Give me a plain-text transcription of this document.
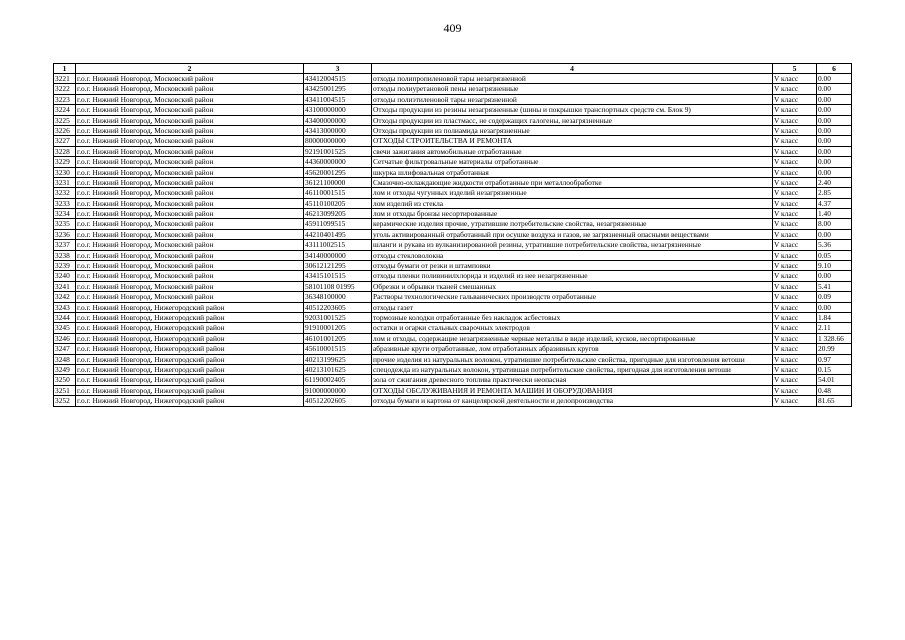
409
1	2	3	4	5	6
3221	г.о.г. Нижний Новгород, Московский район	43412004515	отходы полипропиленовой тары незагрязненной	V класс	0.00
3222	г.о.г. Нижний Новгород, Московский район	43425001295	отходы полиуретановой пены незагрязненные	V класс	0.00
3223	г.о.г. Нижний Новгород, Московский район	43411004515	отходы полиэтиленовой тары незагрязненной	V класс	0.00
3224	г.о.г. Нижний Новгород, Московский район	43100000000	Отходы продукции из резины незагрязненные (шины и покрышки транспортных средств см. Блок 9)	V класс	0.00
3225	г.о.г. Нижний Новгород, Московский район	43400000000	Отходы продукции из пластмасс, не содержащих галогены, незагрязненные	V класс	0.00
3226	г.о.г. Нижний Новгород, Московский район	43413000000	Отходы продукции из полиамида незагрязненные	V класс	0.00
3227	г.о.г. Нижний Новгород, Московский район	80000000000	ОТХОДЫ СТРОИТЕЛЬСТВА И РЕМОНТА	V класс	0.00
3228	г.о.г. Нижний Новгород, Московский район	92191001525	свечи зажигания автомобильные отработанные	V класс	0.00
3229	г.о.г. Нижний Новгород, Московский район	44360000000	Сетчатые фильтровальные материалы отработанные	V класс	0.00
3230	г.о.г. Нижний Новгород, Московский район	45620001295	шкурка шлифовальная отработанная	V класс	0.00
3231	г.о.г. Нижний Новгород, Московский район	36121100000	Смазочно-охлаждающие жидкости отработанные при металлообработке	V класс	2.40
3232	г.о.г. Нижний Новгород, Московский район	46110001515	лом и отходы чугунных изделий незагрязненные	V класс	2.85
3233	г.о.г. Нижний Новгород, Московский район	45110100205	лом изделий из стекла	V класс	4.37
3234	г.о.г. Нижний Новгород, Московский район	46213099205	лом и отходы бронзы несортированные	V класс	1.40
3235	г.о.г. Нижний Новгород, Московский район	45911099515	керамические изделия прочие, утратившие потребительские свойства, незагрязненные	V класс	8.00
3236	г.о.г. Нижний Новгород, Московский район	44210401495	уголь активированный отработанный при осушке воздуха и газов, не загрязненный опасными веществами	V класс	0.00
3237	г.о.г. Нижний Новгород, Московский район	43111002515	шланги и рукава из вулканизированной резины, утратившие потребительские свойства, незагрязненные	V класс	5.36
3238	г.о.г. Нижний Новгород, Московский район	34140000000	отходы стекловолокна	V класс	0.05
3239	г.о.г. Нижний Новгород, Московский район	30612121295	отходы бумаги от резки и штамповки	V класс	9.10
3240	г.о.г. Нижний Новгород, Московский район	43415101515	отходы пленки поливинилхлорида и изделий из нее незагрязненные	V класс	0.00
3241	г.о.г. Нижний Новгород, Московский район	58101108 01995	Обрезки и обрывки тканей смешанных	V класс	5.41
3242	г.о.г. Нижний Новгород, Московский район	36348100000	Растворы технологические гальванических производств отработанные	V класс	0.09
3243	г.о.г. Нижний Новгород, Нижегородский район	40512203605	отходы газет	V класс	0.00
3244	г.о.г. Нижний Новгород, Нижегородский район	92031001525	тормозные колодки отработанные без накладок асбестовых	V класс	1.84
3245	г.о.г. Нижний Новгород, Нижегородский район	91910001205	остатки и огарки стальных сварочных электродов	V класс	2.11
3246	г.о.г. Нижний Новгород, Нижегородский район	46101001205	лом и отходы, содержащие незагрязненные черные металлы в виде изделий, кусков, несортированные	V класс	1 328.66
3247	г.о.г. Нижний Новгород, Нижегородский район	45610001515	абразивные круги отработанные, лом отработанных абразивных кругов	V класс	20.99
3248	г.о.г. Нижний Новгород, Нижегородский район	40213199625	прочие изделия из натуральных волокон, утратившие потребительские свойства, пригодные для изготовления ветоши	V класс	0.97
3249	г.о.г. Нижний Новгород, Нижегородский район	40213101625	спецодежда из натуральных волокон, утратившая потребительские свойства, пригодная для изготовления ветоши	V класс	0.15
3250	г.о.г. Нижний Новгород, Нижегородский район	61190002405	зола от сжигания древесного топлива практически неопасная	V класс	54.01
3251	г.о.г. Нижний Новгород, Нижегородский район	91000000000	ОТХОДЫ ОБСЛУЖИВАНИЯ И РЕМОНТА МАШИН И ОБОРУДОВАНИЯ	V класс	0.48
3252	г.о.г. Нижний Новгород, Нижегородский район	40512202605	отходы бумаги и картона от канцелярской деятельности и делопроизводства	V класс	81.65
